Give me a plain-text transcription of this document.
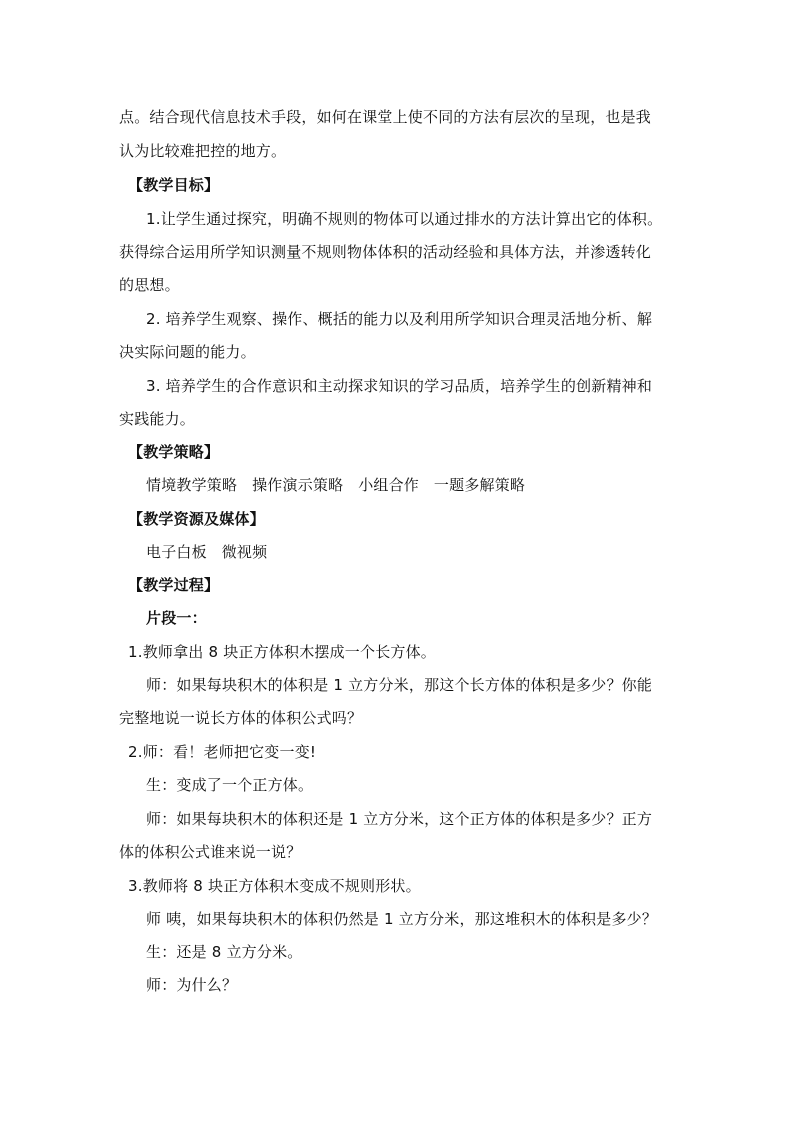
点。结合现代信息技术手段，如何在课堂上使不同的方法有层次的呈现，也是我
认为比较难把控的地方。
【教学目标】
1.让学生通过探究，明确不规则的物体可以通过排水的方法计算出它的体积。
获得综合运用所学知识测量不规则物体体积的活动经验和具体方法，并渗透转化
的思想。
2. 培养学生观察、操作、概括的能力以及利用所学知识合理灵活地分析、解
决实际问题的能力。
3. 培养学生的合作意识和主动探求知识的学习品质，培养学生的创新精神和
实践能力。
【教学策略】
情境教学策略   操作演示策略   小组合作   一题多解策略
【教学资源及媒体】
电子白板   微视频
【教学过程】
片段一：
1.教师拿出 8 块正方体积木摆成一个长方体。
师：如果每块积木的体积是 1 立方分米，那这个长方体的体积是多少？你能
完整地说一说长方体的体积公式吗？
2.师：看！老师把它变一变!
生：变成了一个正方体。
师：如果每块积木的体积还是 1 立方分米，这个正方体的体积是多少？正方
体的体积公式谁来说一说？
3.教师将 8 块正方体积木变成不规则形状。
师 咦，如果每块积木的体积仍然是 1 立方分米，那这堆积木的体积是多少？
生：还是 8 立方分米。
师：为什么？
